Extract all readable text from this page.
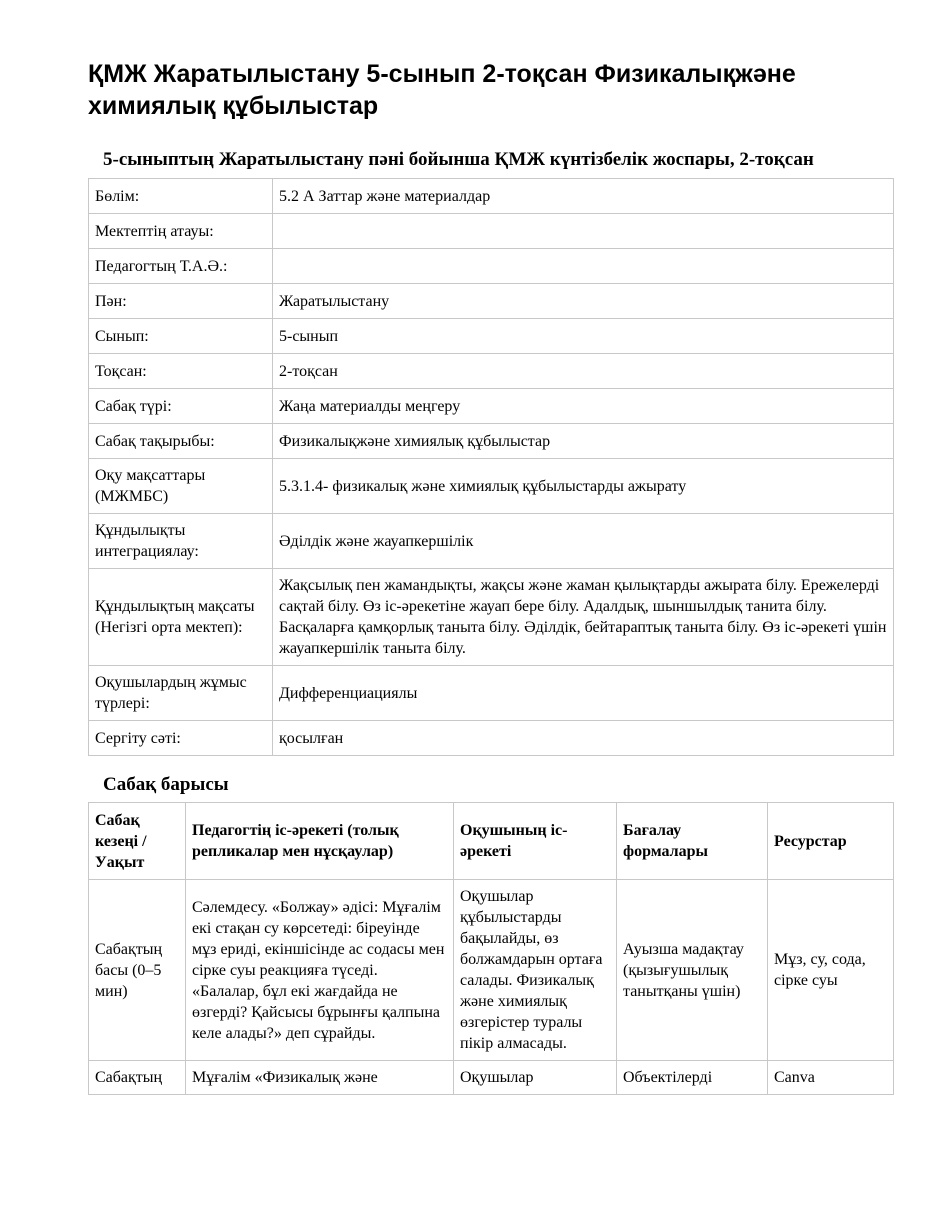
ҚМЖ Жаратылыстану 5-сынып 2-тоқсан Физикалықжәне химиялық құбылыстар
5-сыныптың Жаратылыстану пәні бойынша ҚМЖ күнтізбелік жоспары, 2-тоқсан
Бөлім:	5.2 А Заттар және материалдар
Мектептің атауы:	
Педагогтың Т.А.Ә.:	
Пән:	Жаратылыстану
Сынып:	5-сынып
Тоқсан:	2-тоқсан
Сабақ түрі:	Жаңа материалды меңгеру
Сабақ тақырыбы:	Физикалықжәне химиялық құбылыстар
Оқу мақсаттары (МЖМБС)	5.3.1.4- физикалық және химиялық құбылыстарды ажырату
Құндылықты интеграциялау:	Әділдік және жауапкершілік
Құндылықтың мақсаты (Негізгі орта мектеп):	Жақсылық пен жамандықты, жақсы және жаман қылықтарды ажырата білу. Ережелерді сақтай білу. Өз іс-әрекетіне жауап бере білу. Адалдық, шыншылдық танита білу. Басқаларға қамқорлық таныта білу. Әділдік, бейтараптық таныта білу. Өз іс-әрекеті үшін жауапкершілік таныта білу.
Оқушылардың жұмыс түрлері:	Дифференциациялы
Сергіту сәті:	қосылған
Сабақ барысы
Сабақ кезеңі / Уақыт	Педагогтің іс-әрекеті (толық репликалар мен нұсқаулар)	Оқушының іс-әрекеті	Бағалау формалары	Ресурстар
Сабақтың басы (0–5 мин)	Сәлемдесу. «Болжау» әдісі: Мұғалім екі стақан су көрсетеді: біреуінде мұз ериді, екіншісінде ас содасы мен сірке суы реакцияға түседі. «Балалар, бұл екі жағдайда не өзгерді? Қайсысы бұрынғы қалпына келе алады?» деп сұрайды.	Оқушылар құбылыстарды бақылайды, өз болжамдарын ортаға салады. Физикалық және химиялық өзгерістер туралы пікір алмасады.	Ауызша мадақтау (қызығушылық танытқаны үшін)	Мұз, су, сода, сірке суы
Сабақтың	Мұғалім «Физикалық және	Оқушылар	Объектілерді	Canva
